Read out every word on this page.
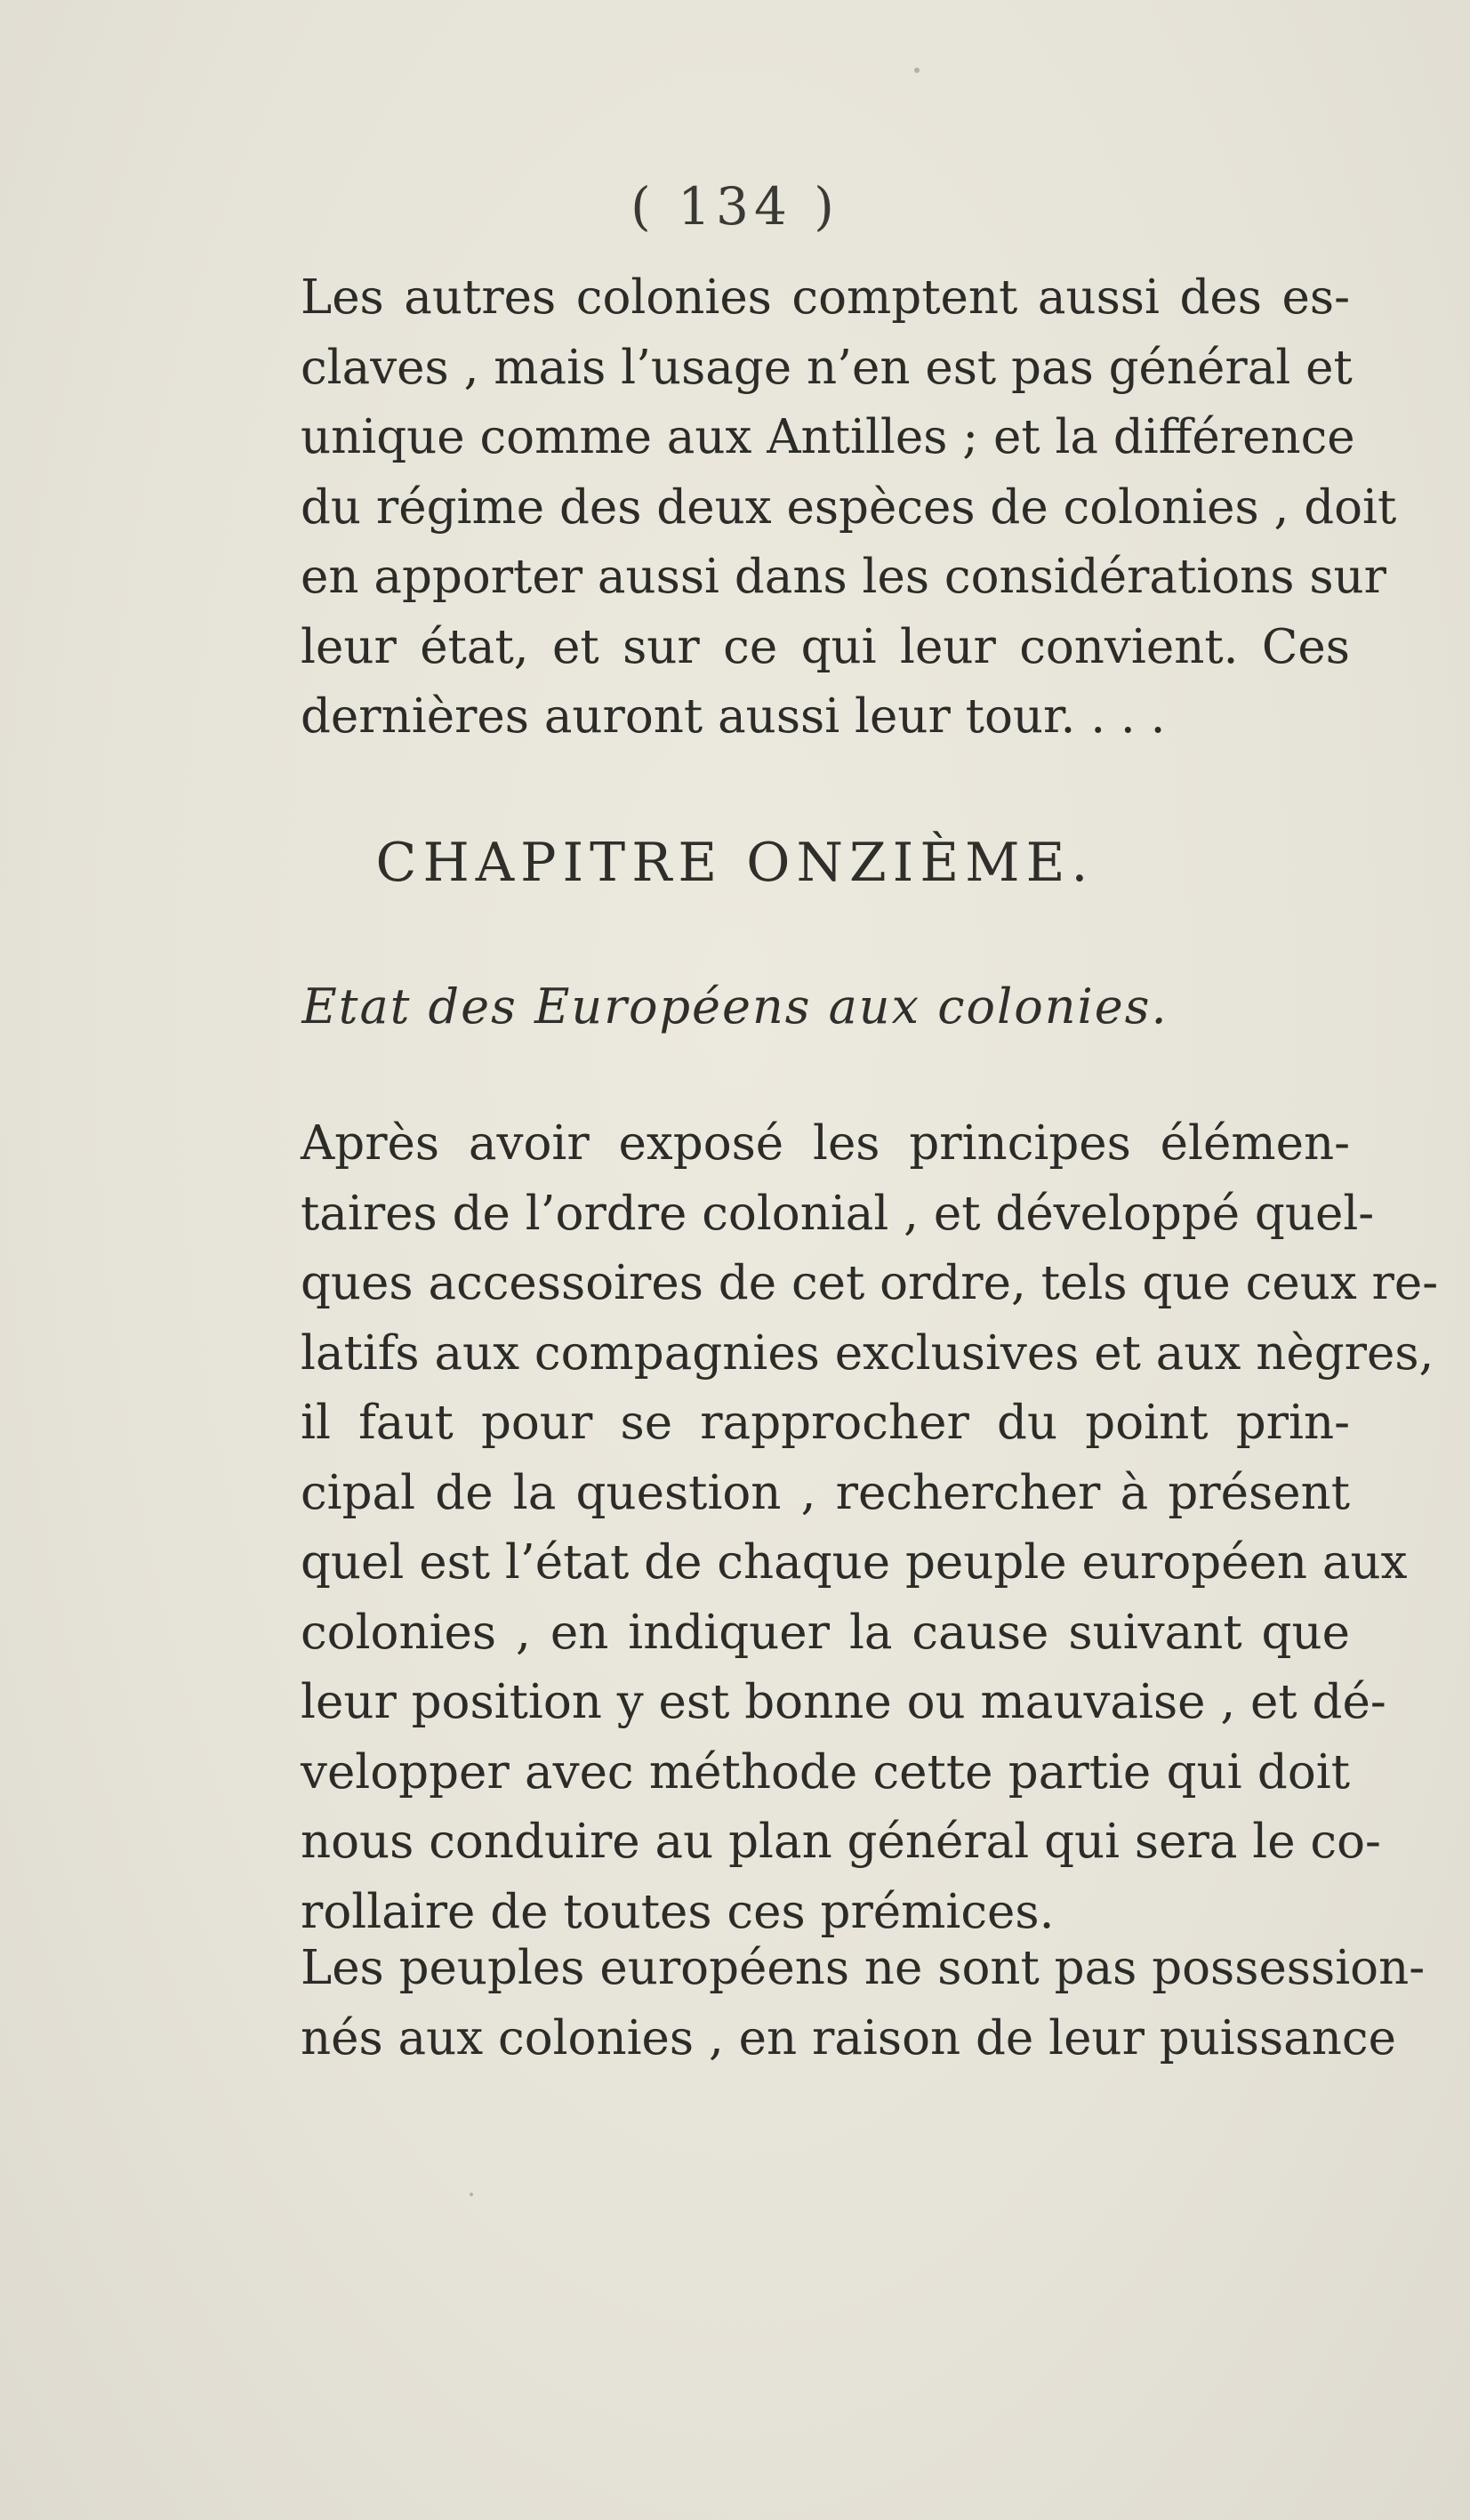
( 134 )
Les autres colonies comptent aussi des es-
claves , mais l’usage n’en est pas général et
unique comme aux Antilles ; et la différence
du régime des deux espèces de colonies , doit
en apporter aussi dans les considérations sur
leur état, et sur ce qui leur convient. Ces
dernières auront aussi leur tour. . . .
CHAPITRE ONZIÈME.
Etat des Européens aux colonies.
Après avoir exposé les principes élémen-
taires de l’ordre colonial , et développé quel-
ques accessoires de cet ordre, tels que ceux re-
latifs aux compagnies exclusives et aux nègres,
il faut pour se rapprocher du point prin-
cipal de la question , rechercher à présent
quel est l’état de chaque peuple européen aux
colonies , en indiquer la cause suivant que
leur position y est bonne ou mauvaise , et dé-
velopper avec méthode cette partie qui doit
nous conduire au plan général qui sera le co-
rollaire de toutes ces prémices.
Les peuples européens ne sont pas possession-
nés aux colonies , en raison de leur puissance
